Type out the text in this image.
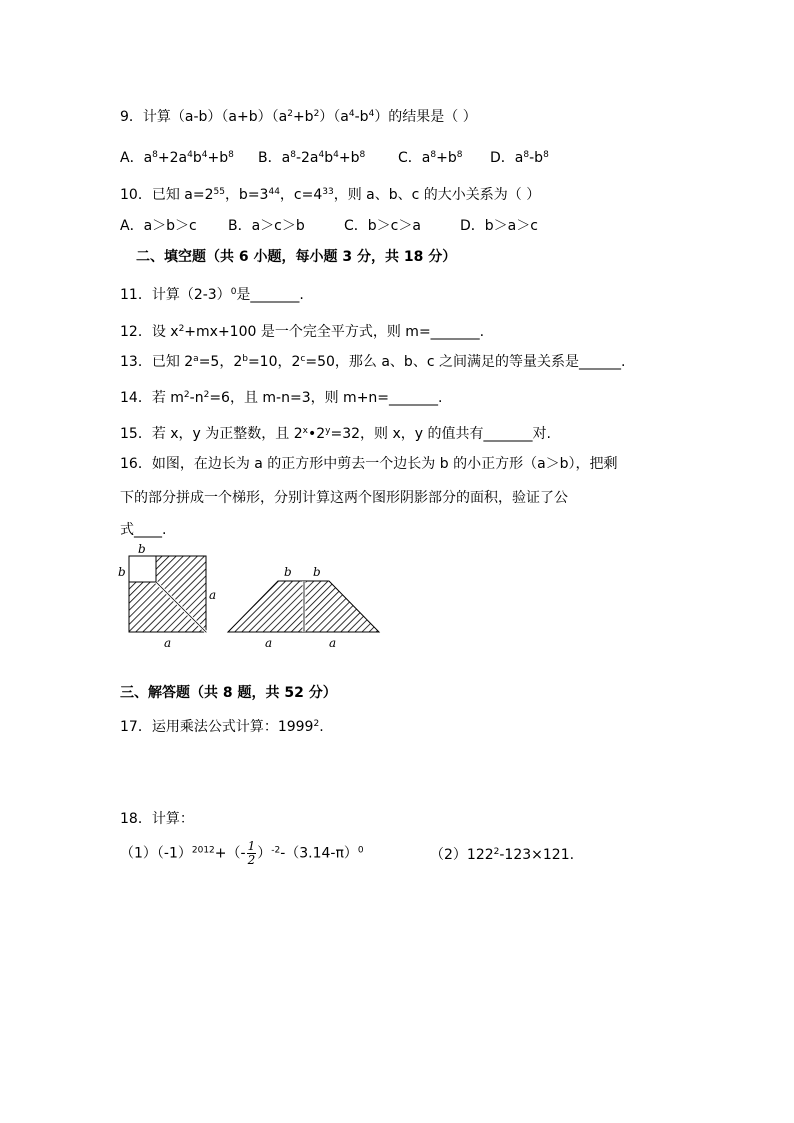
9．计算$(a-b)(a+b)(a^2+b^2)(a^4-b^4)$的结果是（ ）
A．$a^8+2a^4b^4+b^8$ B．$a^8-2a^4b^4+b^8$ C．$a^8+b^8$ D．$a^8-b^8$
10．已知 $a=2^{55}$，$b=3^{44}$，$c=4^{33}$，则 a、b、c 的大小关系为（ ）
A．a＞b＞c B．a＞c＞b	C．b＞c＞a	D．b＞a＞c
二、填空题（共 6 小题，每小题 3 分，共 18 分）
11．计算$(2-3)^0$是_______.
12．设 $x^2+mx+100$ 是一个完全平方式，则 m=_______.
13．已知 $2^a=5$，$2^b=10$，$2^c=50$，那么 a、b、c 之间满足的等量关系是______.
14．若 $m^2-n^2=6$，且 m-n=3，则 m+n=_______.
15．若 x，y 为正整数，且 $2^x•2^y=32$，则 x，y 的值共有_______对.
16．如图，在边长为 a 的正方形中剪去一个边长为 b 的小正方形（a＞b），把剩
下的部分拼成一个梯形，分别计算这两个图形阴影部分的面积，验证了公
式____.
b
b
a
a
b b
a	a
三、解答题（共 8 题，共 52 分）
17．运用乘法公式计算：1999$^2$.
18．计算：
$(1)(-1)^{2012}+(- \frac{1}{2} )^{-2}-(3.14-\pi)^0$	$(2)122^2-123\times 121$.
